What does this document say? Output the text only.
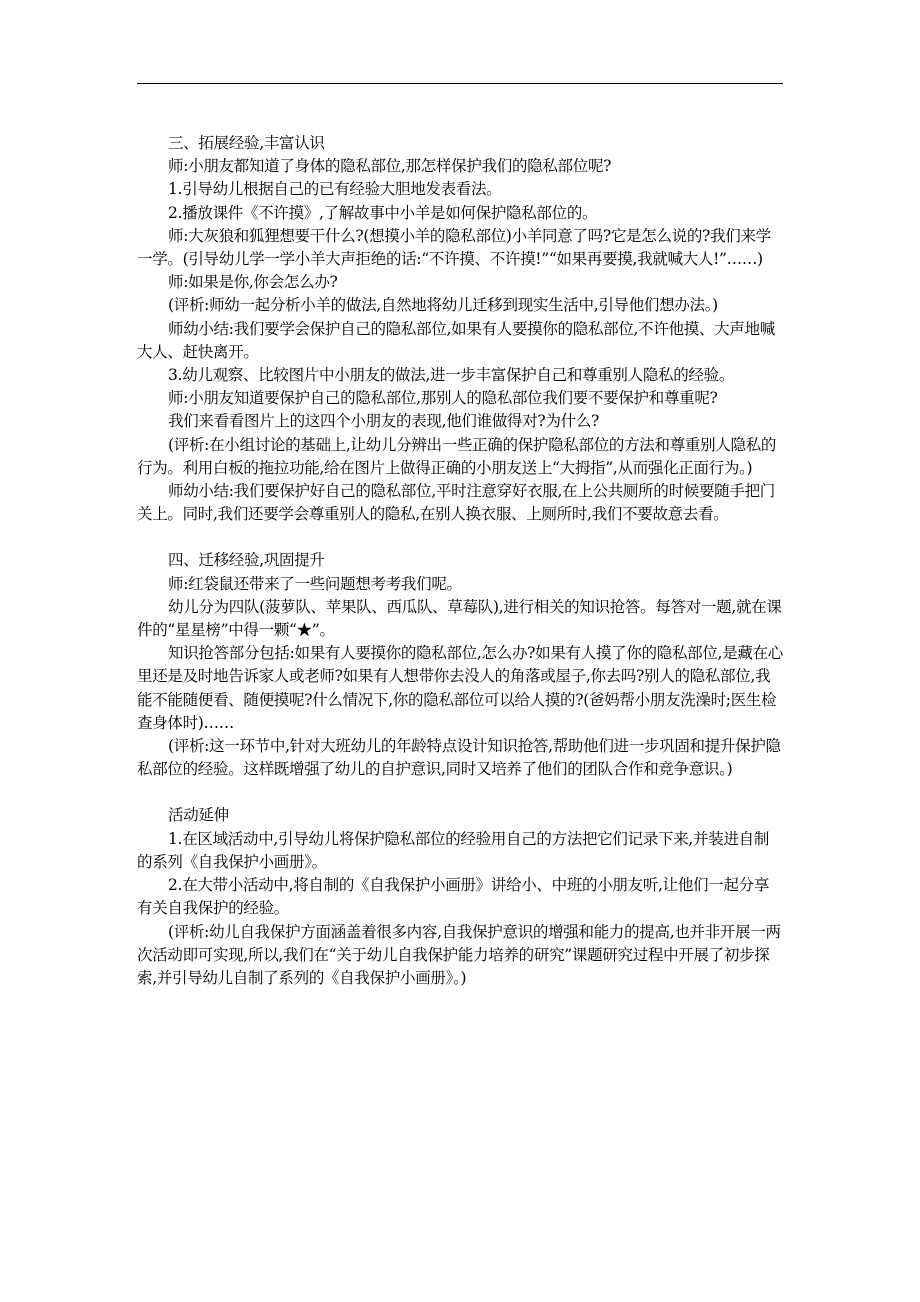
三、拓展经验,丰富认识

师:小朋友都知道了身体的隐私部位,那怎样保护我们的隐私部位呢?

1.引导幼儿根据自己的已有经验大胆地发表看法。

2.播放课件《不许摸》,了解故事中小羊是如何保护隐私部位的。

师:大灰狼和狐狸想要干什么?(想摸小羊的隐私部位)小羊同意了吗?它是怎么说的?我们来学一学。(引导幼儿学一学小羊大声拒绝的话:“不许摸、不许摸!”“如果再要摸,我就喊大人!”……)

师:如果是你,你会怎么办?

(评析:师幼一起分析小羊的做法,自然地将幼儿迁移到现实生活中,引导他们想办法。)

师幼小结:我们要学会保护自己的隐私部位,如果有人要摸你的隐私部位,不许他摸、大声地喊大人、赶快离开。

3.幼儿观察、比较图片中小朋友的做法,进一步丰富保护自己和尊重别人隐私的经验。

师:小朋友知道要保护自己的隐私部位,那别人的隐私部位我们要不要保护和尊重呢?

我们来看看图片上的这四个小朋友的表现,他们谁做得对?为什么?

(评析:在小组讨论的基础上,让幼儿分辨出一些正确的保护隐私部位的方法和尊重别人隐私的行为。利用白板的拖拉功能,给在图片上做得正确的小朋友送上“大拇指”,从而强化正面行为。)

师幼小结:我们要保护好自己的隐私部位,平时注意穿好衣服,在上公共厕所的时候要随手把门关上。同时,我们还要学会尊重别人的隐私,在别人换衣服、上厕所时,我们不要故意去看。

四、迁移经验,巩固提升

师:红袋鼠还带来了一些问题想考考我们呢。

幼儿分为四队(菠萝队、苹果队、西瓜队、草莓队),进行相关的知识抢答。每答对一题,就在课件的“星星榜”中得一颗“★”。

知识抢答部分包括:如果有人要摸你的隐私部位,怎么办?如果有人摸了你的隐私部位,是藏在心里还是及时地告诉家人或老师?如果有人想带你去没人的角落或屋子,你去吗?别人的隐私部位,我能不能随便看、随便摸呢?什么情况下,你的隐私部位可以给人摸的?(爸妈帮小朋友洗澡时;医生检查身体时)……

(评析:这一环节中,针对大班幼儿的年龄特点设计知识抢答,帮助他们进一步巩固和提升保护隐私部位的经验。这样既增强了幼儿的自护意识,同时又培养了他们的团队合作和竞争意识。)

活动延伸

1.在区域活动中,引导幼儿将保护隐私部位的经验用自己的方法把它们记录下来,并装进自制的系列《自我保护小画册》。

2.在大带小活动中,将自制的《自我保护小画册》讲给小、中班的小朋友听,让他们一起分享有关自我保护的经验。

(评析:幼儿自我保护方面涵盖着很多内容,自我保护意识的增强和能力的提高,也并非开展一两次活动即可实现,所以,我们在“关于幼儿自我保护能力培养的研究”课题研究过程中开展了初步探索,并引导幼儿自制了系列的《自我保护小画册》。)
